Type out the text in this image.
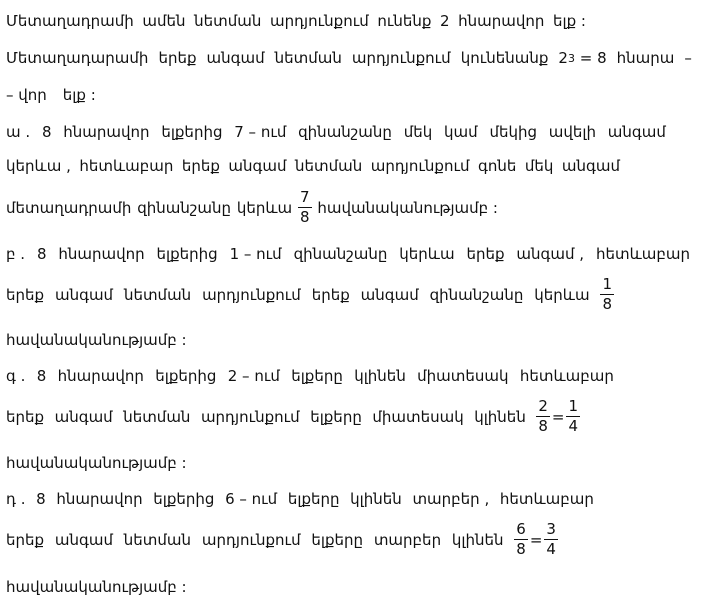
Մետաղադրամի ամեն նետման արդյունքում ունենք 2 հնարավոր ելք :
Մետաղադարամի երեք անգամ նետման արդյունքում կունենանք 2 3
= 8 հնարա –
– վոր ելք :
ա . 8 հնարավոր ելքերից 7 – ում զինանշանը մեկ կամ մեկից ավելի անգամ
կերևա , հետևաբար երեք անգամ նետման արդյունքում գոնե մեկ անգամ
մետաղադրամի զինանշանը կերևա $\frac{7}{8}$ հավանականությամբ :
բ . 8 հնարավոր ելքերից 1 – ում զինանշանը կերևա երեք անգամ , հետևաբար
երեք անգամ նետման արդյունքում երեք անգամ զինանշանը կերևա $\frac{1}{8}$
հավանականությամբ :
գ . 8 հնարավոր ելքերից 2 – ում ելքերը կլինեն միատեսակ հետևաբար
երեք անգամ նետման արդյունքում ելքերը միատեսակ կլինեն $\frac{2}{8} = \frac{1}{4}$
հավանականությամբ :
դ . 8 հնարավոր ելքերից 6 – ում ելքերը կլինեն տարբեր , հետևաբար
երեք անգամ նետման արդյունքում ելքերը տարբեր կլինեն $\frac{6}{8} = \frac{3}{4}$
հավանականությամբ :
